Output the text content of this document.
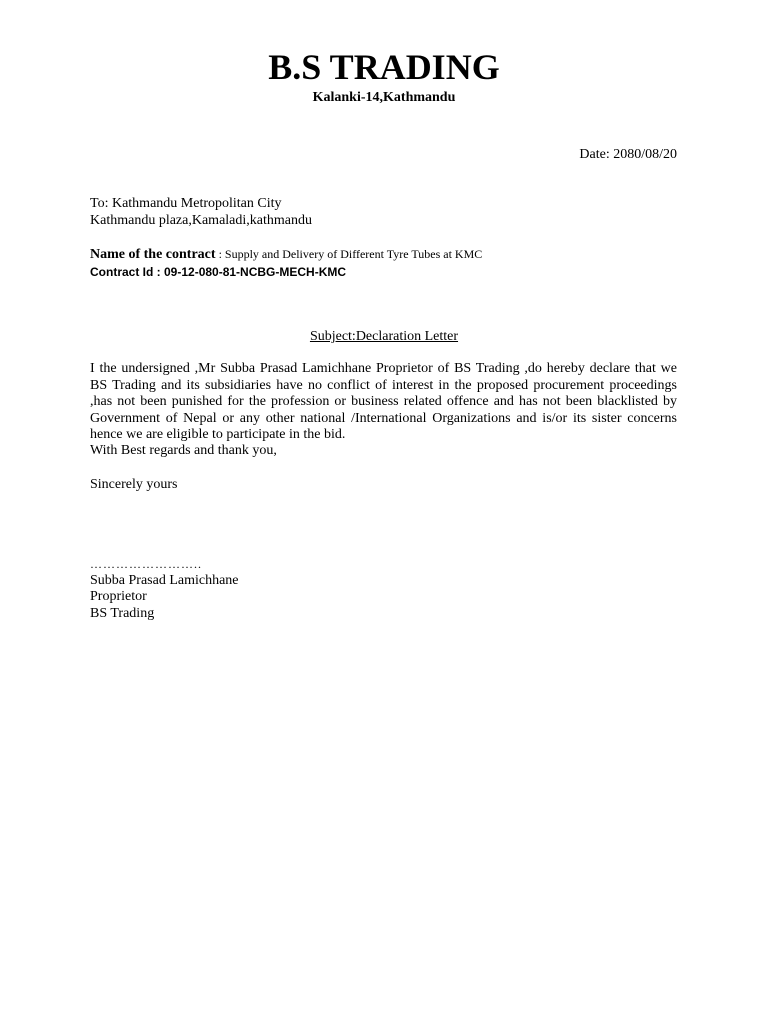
B.S TRADING
Kalanki-14,Kathmandu
Date: 2080/08/20
To: Kathmandu Metropolitan City
Kathmandu plaza,Kamaladi,kathmandu
Name of the contract : Supply and Delivery of Different Tyre Tubes at KMC
Contract Id : 09-12-080-81-NCBG-MECH-KMC
Subject:Declaration Letter
I the undersigned ,Mr Subba Prasad Lamichhane Proprietor of BS Trading ,do hereby declare that we BS Trading and its subsidiaries have no conflict of interest in the proposed procurement proceedings ,has not been punished for the profession or business related offence and has not been blacklisted by Government of Nepal or any other national /International Organizations and is/or its sister concerns hence we are eligible to participate in the bid.
With Best regards and thank you,
Sincerely yours
……………………..
Subba Prasad Lamichhane
Proprietor
BS Trading
